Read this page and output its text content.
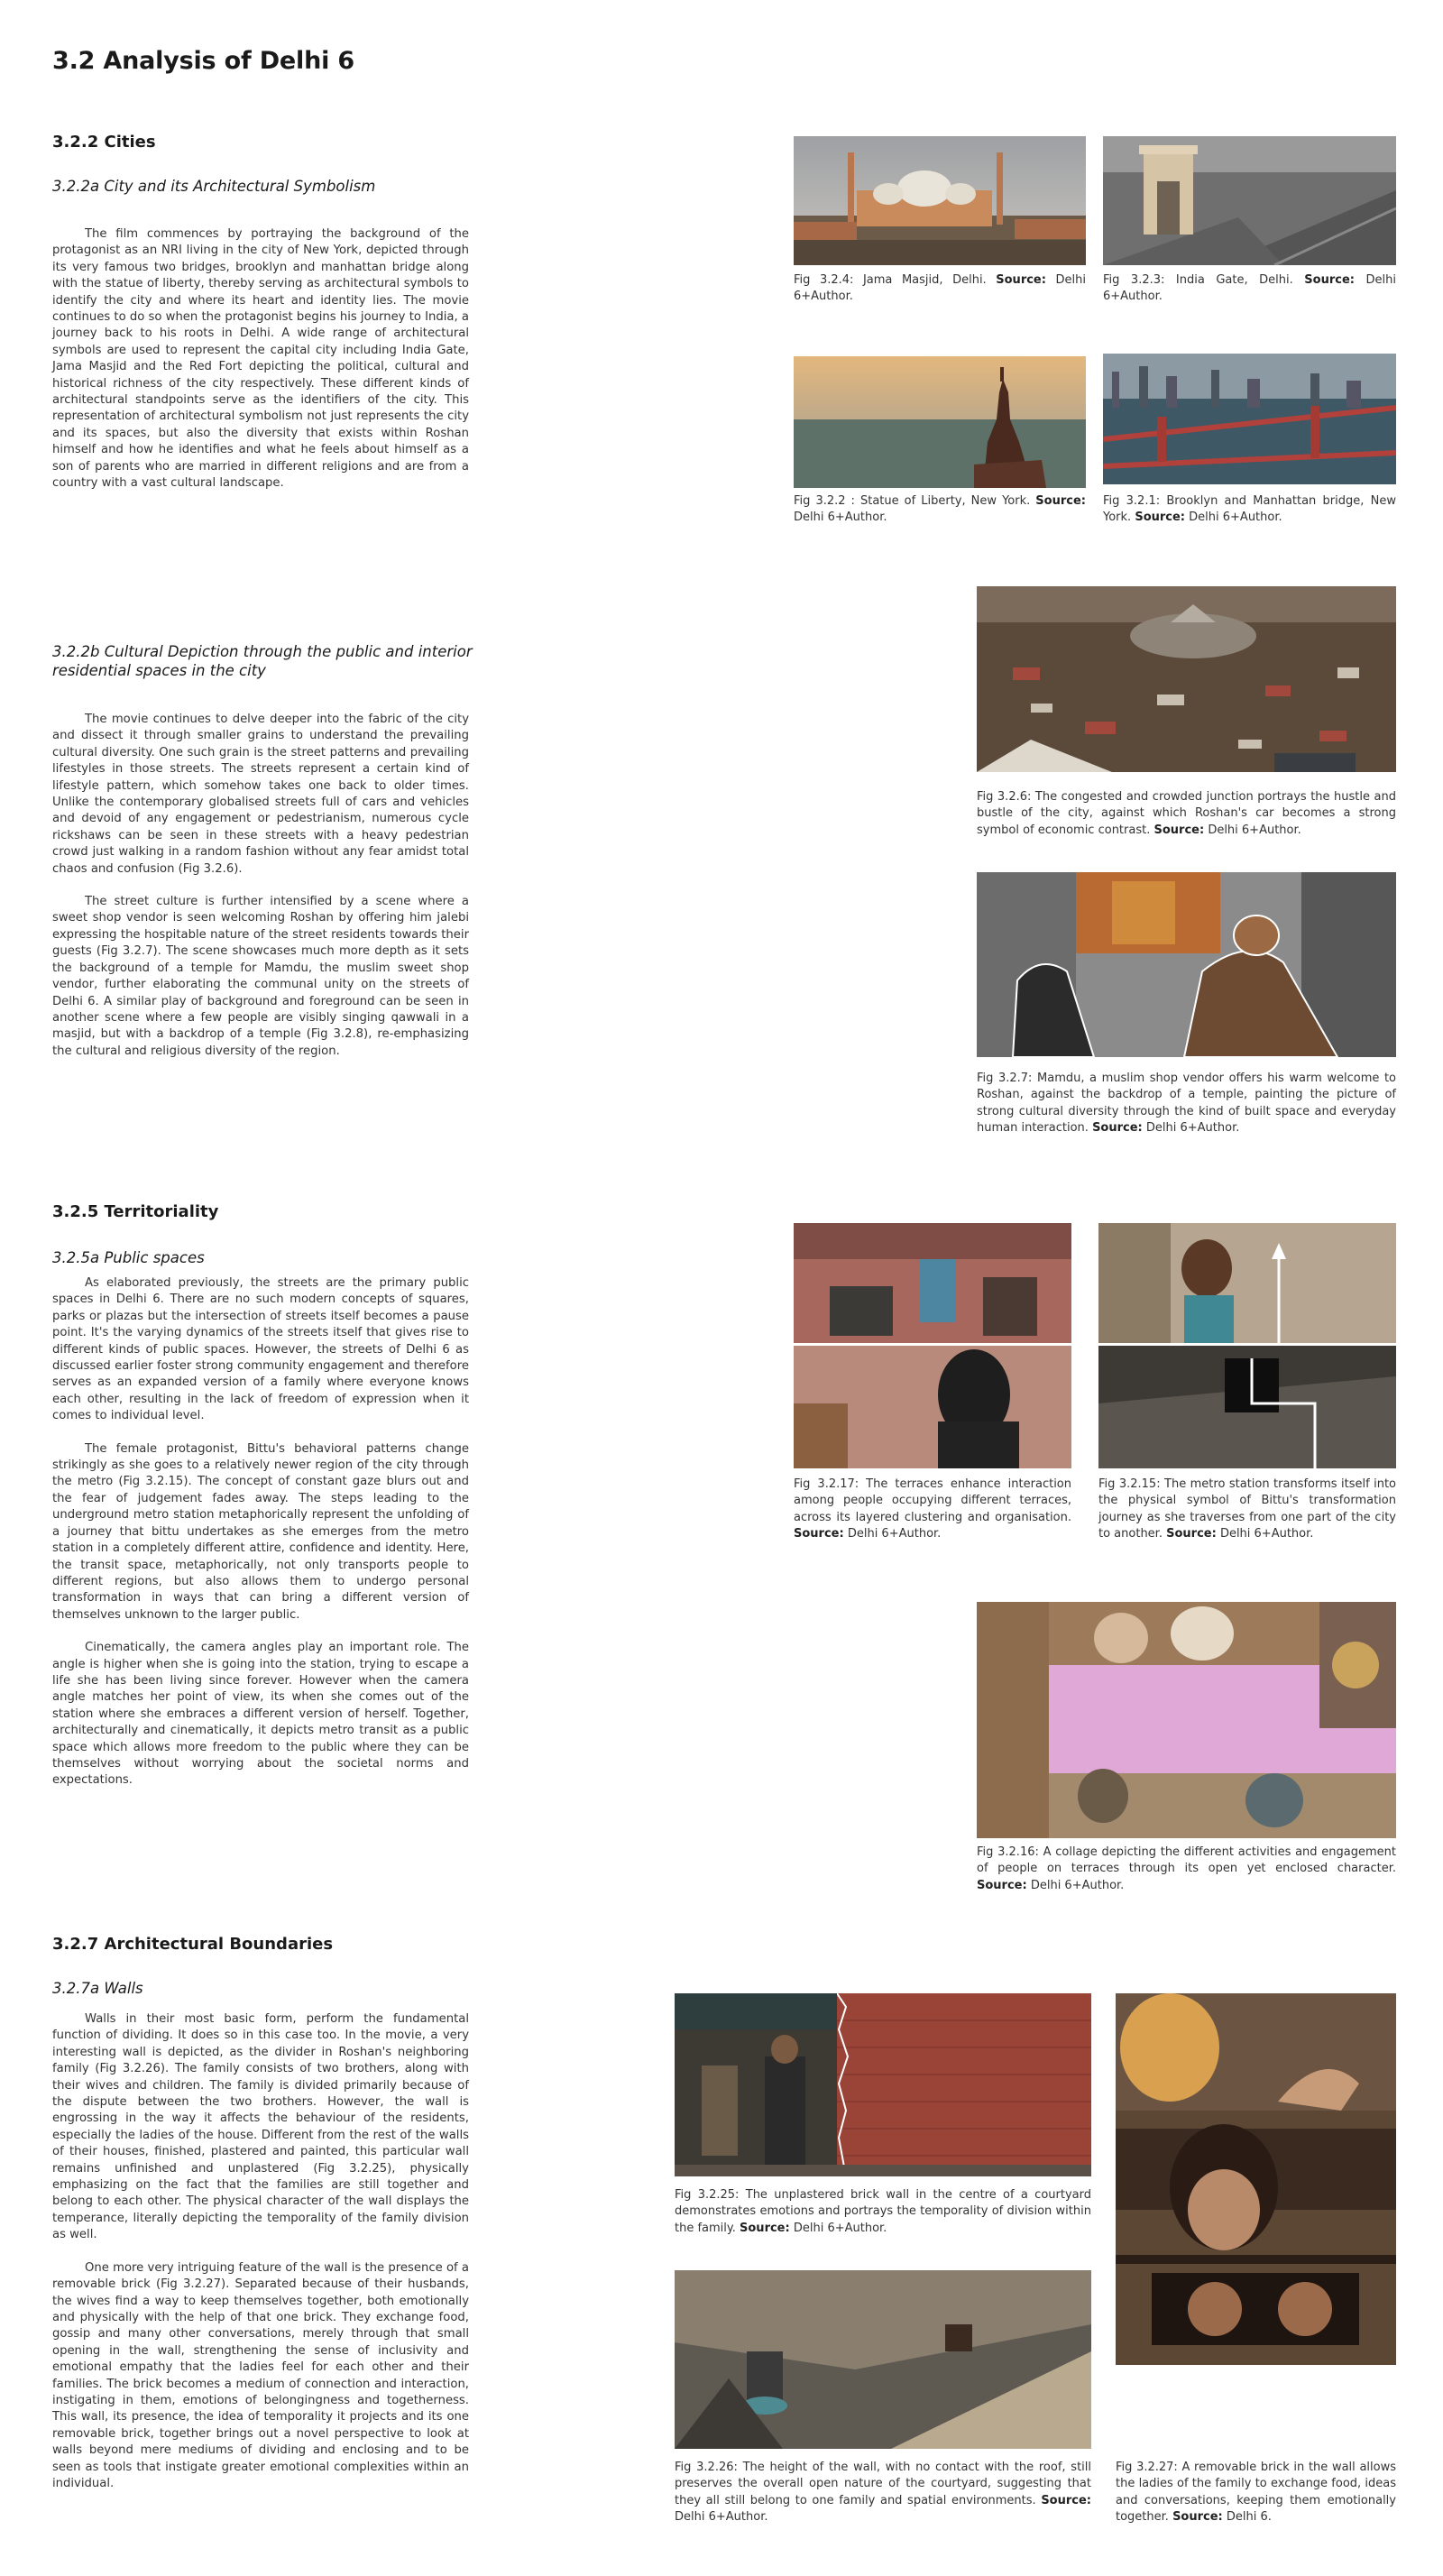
3.2 Analysis of Delhi 6
3.2.2 Cities
3.2.2a City and its Architectural Symbolism

The film commences by portraying the background of the protagonist as an NRI living in the city of New York, depicted through its very famous two bridges, brooklyn and manhattan bridge along with the statue of liberty, thereby serving as architectural symbols to identify the city and where its heart and identity lies. The movie continues to do so when the protagonist begins his journey to India, a journey back to his roots in Delhi. A wide range of architectural symbols are used to represent the capital city including India Gate, Jama Masjid and the Red Fort depicting the political, cultural and historical richness of the city respectively. These different kinds of architectural standpoints serve as the identifiers of the city. This representation of architectural symbolism not just represents the city and its spaces, but also the diversity that exists within Roshan himself and how he identifies and what he feels about himself as a son of parents who are married in different religions and are from a country with a vast cultural landscape.

Fig 3.2.4: Jama Masjid, Delhi. Source: Delhi 6+Author.
Fig 3.2.3: India Gate, Delhi. Source: Delhi 6+Author.
Fig 3.2.2 : Statue of Liberty, New York. Source: Delhi 6+Author.
Fig 3.2.1: Brooklyn and Manhattan bridge, New York. Source: Delhi 6+Author.
3.2.2b Cultural Depiction through the public and interior residential spaces in the city

The movie continues to delve deeper into the fabric of the city and dissect it through smaller grains to understand the prevailing cultural diversity. One such grain is the street patterns and prevailing lifestyles in those streets. The streets represent a certain kind of lifestyle pattern, which somehow takes one back to older times. Unlike the contemporary globalised streets full of cars and vehicles and devoid of any engagement or pedestrianism, numerous cycle rickshaws can be seen in these streets with a heavy pedestrian crowd just walking in a random fashion without any fear amidst total chaos and confusion (Fig 3.2.6).

The street culture is further intensified by a scene where a sweet shop vendor is seen welcoming Roshan by offering him jalebi expressing the hospitable nature of the street residents towards their guests (Fig 3.2.7). The scene showcases much more depth as it sets the background of a temple for Mamdu, the muslim sweet shop vendor, further elaborating the communal unity on the streets of Delhi 6. A similar play of background and foreground can be seen in another scene where a few people are visibly singing qawwali in a masjid, but with a backdrop of a temple (Fig 3.2.8), re-emphasizing the cultural and religious diversity of the region.

Fig 3.2.6: The congested and crowded junction portrays the hustle and bustle of the city, against which Roshan's car becomes a strong symbol of economic contrast. Source: Delhi 6+Author.
Fig 3.2.7: Mamdu, a muslim shop vendor offers his warm welcome to Roshan, against the backdrop of a temple, painting the picture of strong cultural diversity through the kind of built space and everyday human interaction. Source: Delhi 6+Author.
3.2.5 Territoriality
3.2.5a Public spaces

As elaborated previously, the streets are the primary public spaces in Delhi 6. There are no such modern concepts of squares, parks or plazas but the intersection of streets itself becomes a pause point. It's the varying dynamics of the streets itself that gives rise to different kinds of public spaces. However, the streets of Delhi 6 as discussed earlier foster strong community engagement and therefore serves as an expanded version of a family where everyone knows each other, resulting in the lack of freedom of expression when it comes to individual level.

The female protagonist, Bittu's behavioral patterns change strikingly as she goes to a relatively newer region of the city through the metro (Fig 3.2.15). The concept of constant gaze blurs out and the fear of judgement fades away. The steps leading to the underground metro station metaphorically represent the unfolding of a journey that bittu undertakes as she emerges from the metro station in a completely different attire, confidence and identity. Here, the transit space, metaphorically, not only transports people to different regions, but also allows them to undergo personal transformation in ways that can bring a different version of themselves unknown to the larger public.

Cinematically, the camera angles play an important role. The angle is higher when she is going into the station, trying to escape a life she has been living since forever. However when the camera angle matches her point of view, its when she comes out of the station where she embraces a different version of herself. Together, architecturally and cinematically, it depicts metro transit as a public space which allows more freedom to the public where they can be themselves without worrying about the societal norms and expectations.

Fig 3.2.17: The terraces enhance interaction among people occupying different terraces, across its layered clustering and organisation. Source: Delhi 6+Author.
Fig 3.2.15: The metro station transforms itself into the physical symbol of Bittu's transformation journey as she traverses from one part of the city to another. Source: Delhi 6+Author.
Fig 3.2.16: A collage depicting the different activities and engagement of people on terraces through its open yet enclosed character. Source: Delhi 6+Author.
3.2.7 Architectural Boundaries
3.2.7a Walls

Walls in their most basic form, perform the fundamental function of dividing. It does so in this case too. In the movie, a very interesting wall is depicted, as the divider in Roshan's neighboring family (Fig 3.2.26). The family consists of two brothers, along with their wives and children. The family is divided primarily because of the dispute between the two brothers. However, the wall is engrossing in the way it affects the behaviour of the residents, especially the ladies of the house. Different from the rest of the walls of their houses, finished, plastered and painted, this particular wall remains unfinished and unplastered (Fig 3.2.25), physically emphasizing on the fact that the families are still together and belong to each other. The physical character of the wall displays the temperance, literally depicting the temporality of the family division as well.

One more very intriguing feature of the wall is the presence of a removable brick (Fig 3.2.27). Separated because of their husbands, the wives find a way to keep themselves together, both emotionally and physically with the help of that one brick. They exchange food, gossip and many other conversations, merely through that small opening in the wall, strengthening the sense of inclusivity and emotional empathy that the ladies feel for each other and their families. The brick becomes a medium of connection and interaction, instigating in them, emotions of belongingness and togetherness. This wall, its presence, the idea of temporality it projects and its one removable brick, together brings out a novel perspective to look at walls beyond mere mediums of dividing and enclosing and to be seen as tools that instigate greater emotional complexities within an individual.

Fig 3.2.25: The unplastered brick wall in the centre of a courtyard demonstrates emotions and portrays the temporality of division within the family. Source: Delhi 6+Author.
Fig 3.2.26: The height of the wall, with no contact with the roof, still preserves the overall open nature of the courtyard, suggesting that they all still belong to one family and spatial environments. Source: Delhi 6+Author.
Fig 3.2.27: A removable brick in the wall allows the ladies of the family to exchange food, ideas and conversations, keeping them emotionally together. Source: Delhi 6.
